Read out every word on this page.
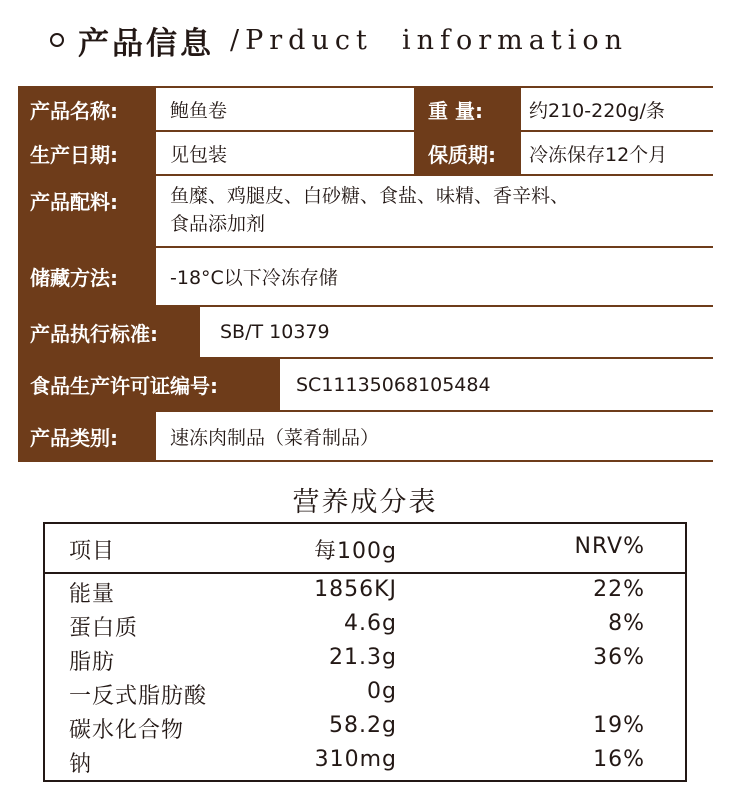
产品信息 /Prduct  information
产品名称:	鲍鱼卷	重 量:	约210-220g/条
生产日期:	见包装	保质期:	冷冻保存12个月
产品配料:	鱼糜、鸡腿皮、白砂糖、食盐、味精、香辛料、
食品添加剂
储藏方法:	-18°C以下冷冻存储
产品执行标准:	SB/T 10379
食品生产许可证编号:	SC11135068105484
产品类别:	速冻肉制品（菜肴制品）
营养成分表
项目	每100g	NRV%
能量	1856KJ	22%
蛋白质	4.6g	8%
脂肪	21.3g	36%
一反式脂肪酸	0g
碳水化合物	58.2g	19%
钠	310mg	16%
